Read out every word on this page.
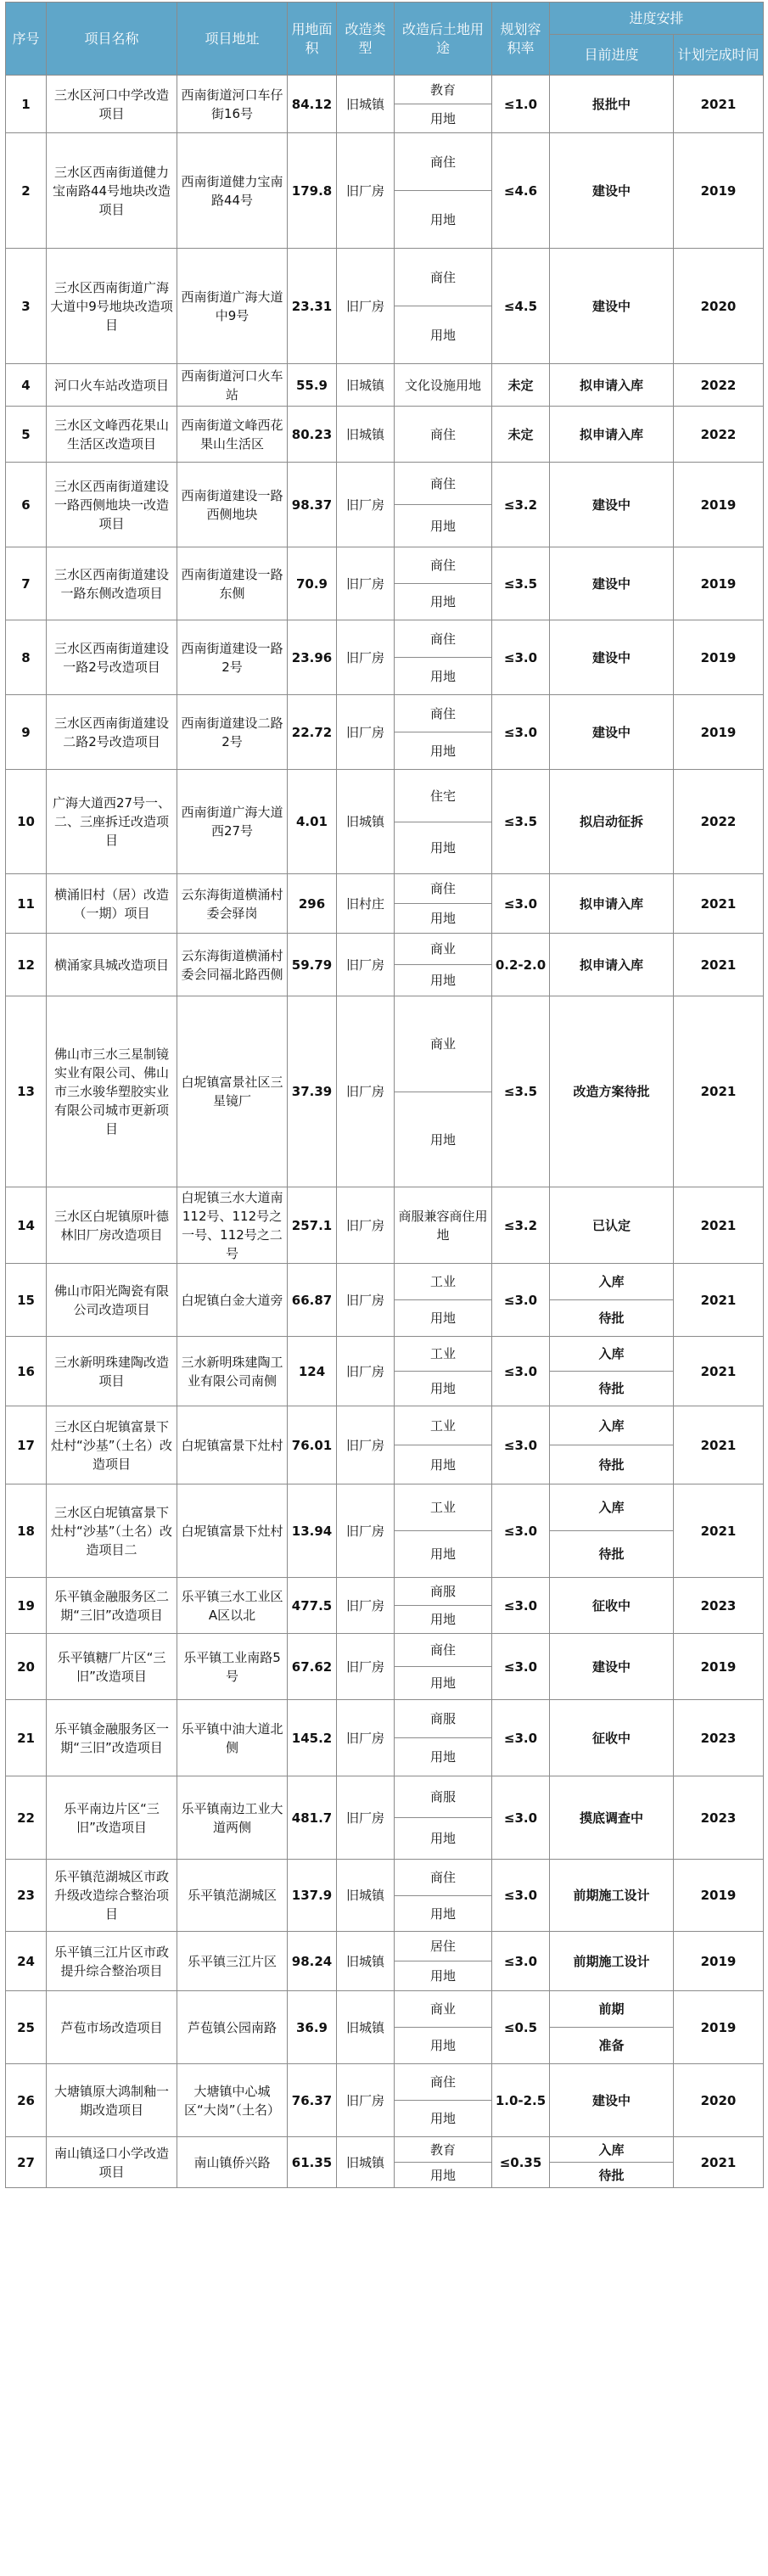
序号	项目名称	项目地址	用地面积	改造类型	改造后土地用途	规划容积率	进度安排	
							目前进度	计划完成时间
1	三水区河口中学改造项目	西南街道河口车仔街16号	84.12	旧城镇	教育	≤1.0	报批中	2021
					用地			
2	三水区西南街道健力宝南路44号地块改造项目	西南街道健力宝南路44号	179.8	旧厂房	商住	≤4.6	建设中	2019
					用地			
3	三水区西南街道广海大道中9号地块改造项目	西南街道广海大道中9号	23.31	旧厂房	商住	≤4.5	建设中	2020
					用地			
4	河口火车站改造项目	西南街道河口火车站	55.9	旧城镇	文化设施用地	未定	拟申请入库	2022
5	三水区文峰西花果山生活区改造项目	西南街道文峰西花果山生活区	80.23	旧城镇	商住	未定	拟申请入库	2022
6	三水区西南街道建设一路西侧地块一改造项目	西南街道建设一路西侧地块	98.37	旧厂房	商住	≤3.2	建设中	2019
					用地			
7	三水区西南街道建设一路东侧改造项目	西南街道建设一路东侧	70.9	旧厂房	商住	≤3.5	建设中	2019
					用地			
8	三水区西南街道建设一路2号改造项目	西南街道建设一路2号	23.96	旧厂房	商住	≤3.0	建设中	2019
					用地			
9	三水区西南街道建设二路2号改造项目	西南街道建设二路2号	22.72	旧厂房	商住	≤3.0	建设中	2019
					用地			
10	广海大道西27号一、二、三座拆迁改造项目	西南街道广海大道西27号	4.01	旧城镇	住宅	≤3.5	拟启动征拆	2022
					用地			
11	横涌旧村（居）改造（一期）项目	云东海街道横涌村委会驿岗	296	旧村庄	商住	≤3.0	拟申请入库	2021
					用地			
12	横涌家具城改造项目	云东海街道横涌村委会同福北路西侧	59.79	旧厂房	商业	0.2-2.0	拟申请入库	2021
					用地			
13	佛山市三水三星制镜实业有限公司、佛山市三水骏华塑胶实业有限公司城市更新项目	白坭镇富景社区三星镜厂	37.39	旧厂房	商业	≤3.5	改造方案待批	2021
					用地			
14	三水区白坭镇原叶德林旧厂房改造项目	白坭镇三水大道南112号、112号之一号、112号之二号	257.1	旧厂房	商服兼容商住用地	≤3.2	已认定	2021
15	佛山市阳光陶瓷有限公司改造项目	白坭镇白金大道旁	66.87	旧厂房	工业	≤3.0	入库	2021
					用地		待批	
16	三水新明珠建陶改造项目	三水新明珠建陶工业有限公司南侧	124	旧厂房	工业	≤3.0	入库	2021
					用地		待批	
17	三水区白坭镇富景下灶村“沙基”（土名）改造项目	白坭镇富景下灶村	76.01	旧厂房	工业	≤3.0	入库	2021
					用地		待批	
18	三水区白坭镇富景下灶村“沙基”（土名）改造项目二	白坭镇富景下灶村	13.94	旧厂房	工业	≤3.0	入库	2021
					用地		待批	
19	乐平镇金融服务区二期“三旧”改造项目	乐平镇三水工业区A区以北	477.5	旧厂房	商服	≤3.0	征收中	2023
					用地			
20	乐平镇糖厂片区“三旧”改造项目	乐平镇工业南路5号	67.62	旧厂房	商住	≤3.0	建设中	2019
					用地			
21	乐平镇金融服务区一期“三旧”改造项目	乐平镇中油大道北侧	145.2	旧厂房	商服	≤3.0	征收中	2023
					用地			
22	乐平南边片区“三旧”改造项目	乐平镇南边工业大道两侧	481.7	旧厂房	商服	≤3.0	摸底调查中	2023
					用地			
23	乐平镇范湖城区市政升级改造综合整治项目	乐平镇范湖城区	137.9	旧城镇	商住	≤3.0	前期施工设计	2019
					用地			
24	乐平镇三江片区市政提升综合整治项目	乐平镇三江片区	98.24	旧城镇	居住	≤3.0	前期施工设计	2019
					用地			
25	芦苞市场改造项目	芦苞镇公园南路	36.9	旧城镇	商业	≤0.5	前期	2019
					用地		准备	
26	大塘镇原大鸿制釉一期改造项目	大塘镇中心城区“大岗”（土名）	76.37	旧厂房	商住	1.0-2.5	建设中	2020
					用地			
27	南山镇迳口小学改造项目	南山镇侨兴路	61.35	旧城镇	教育	≤0.35	入库	2021
					用地		待批	
